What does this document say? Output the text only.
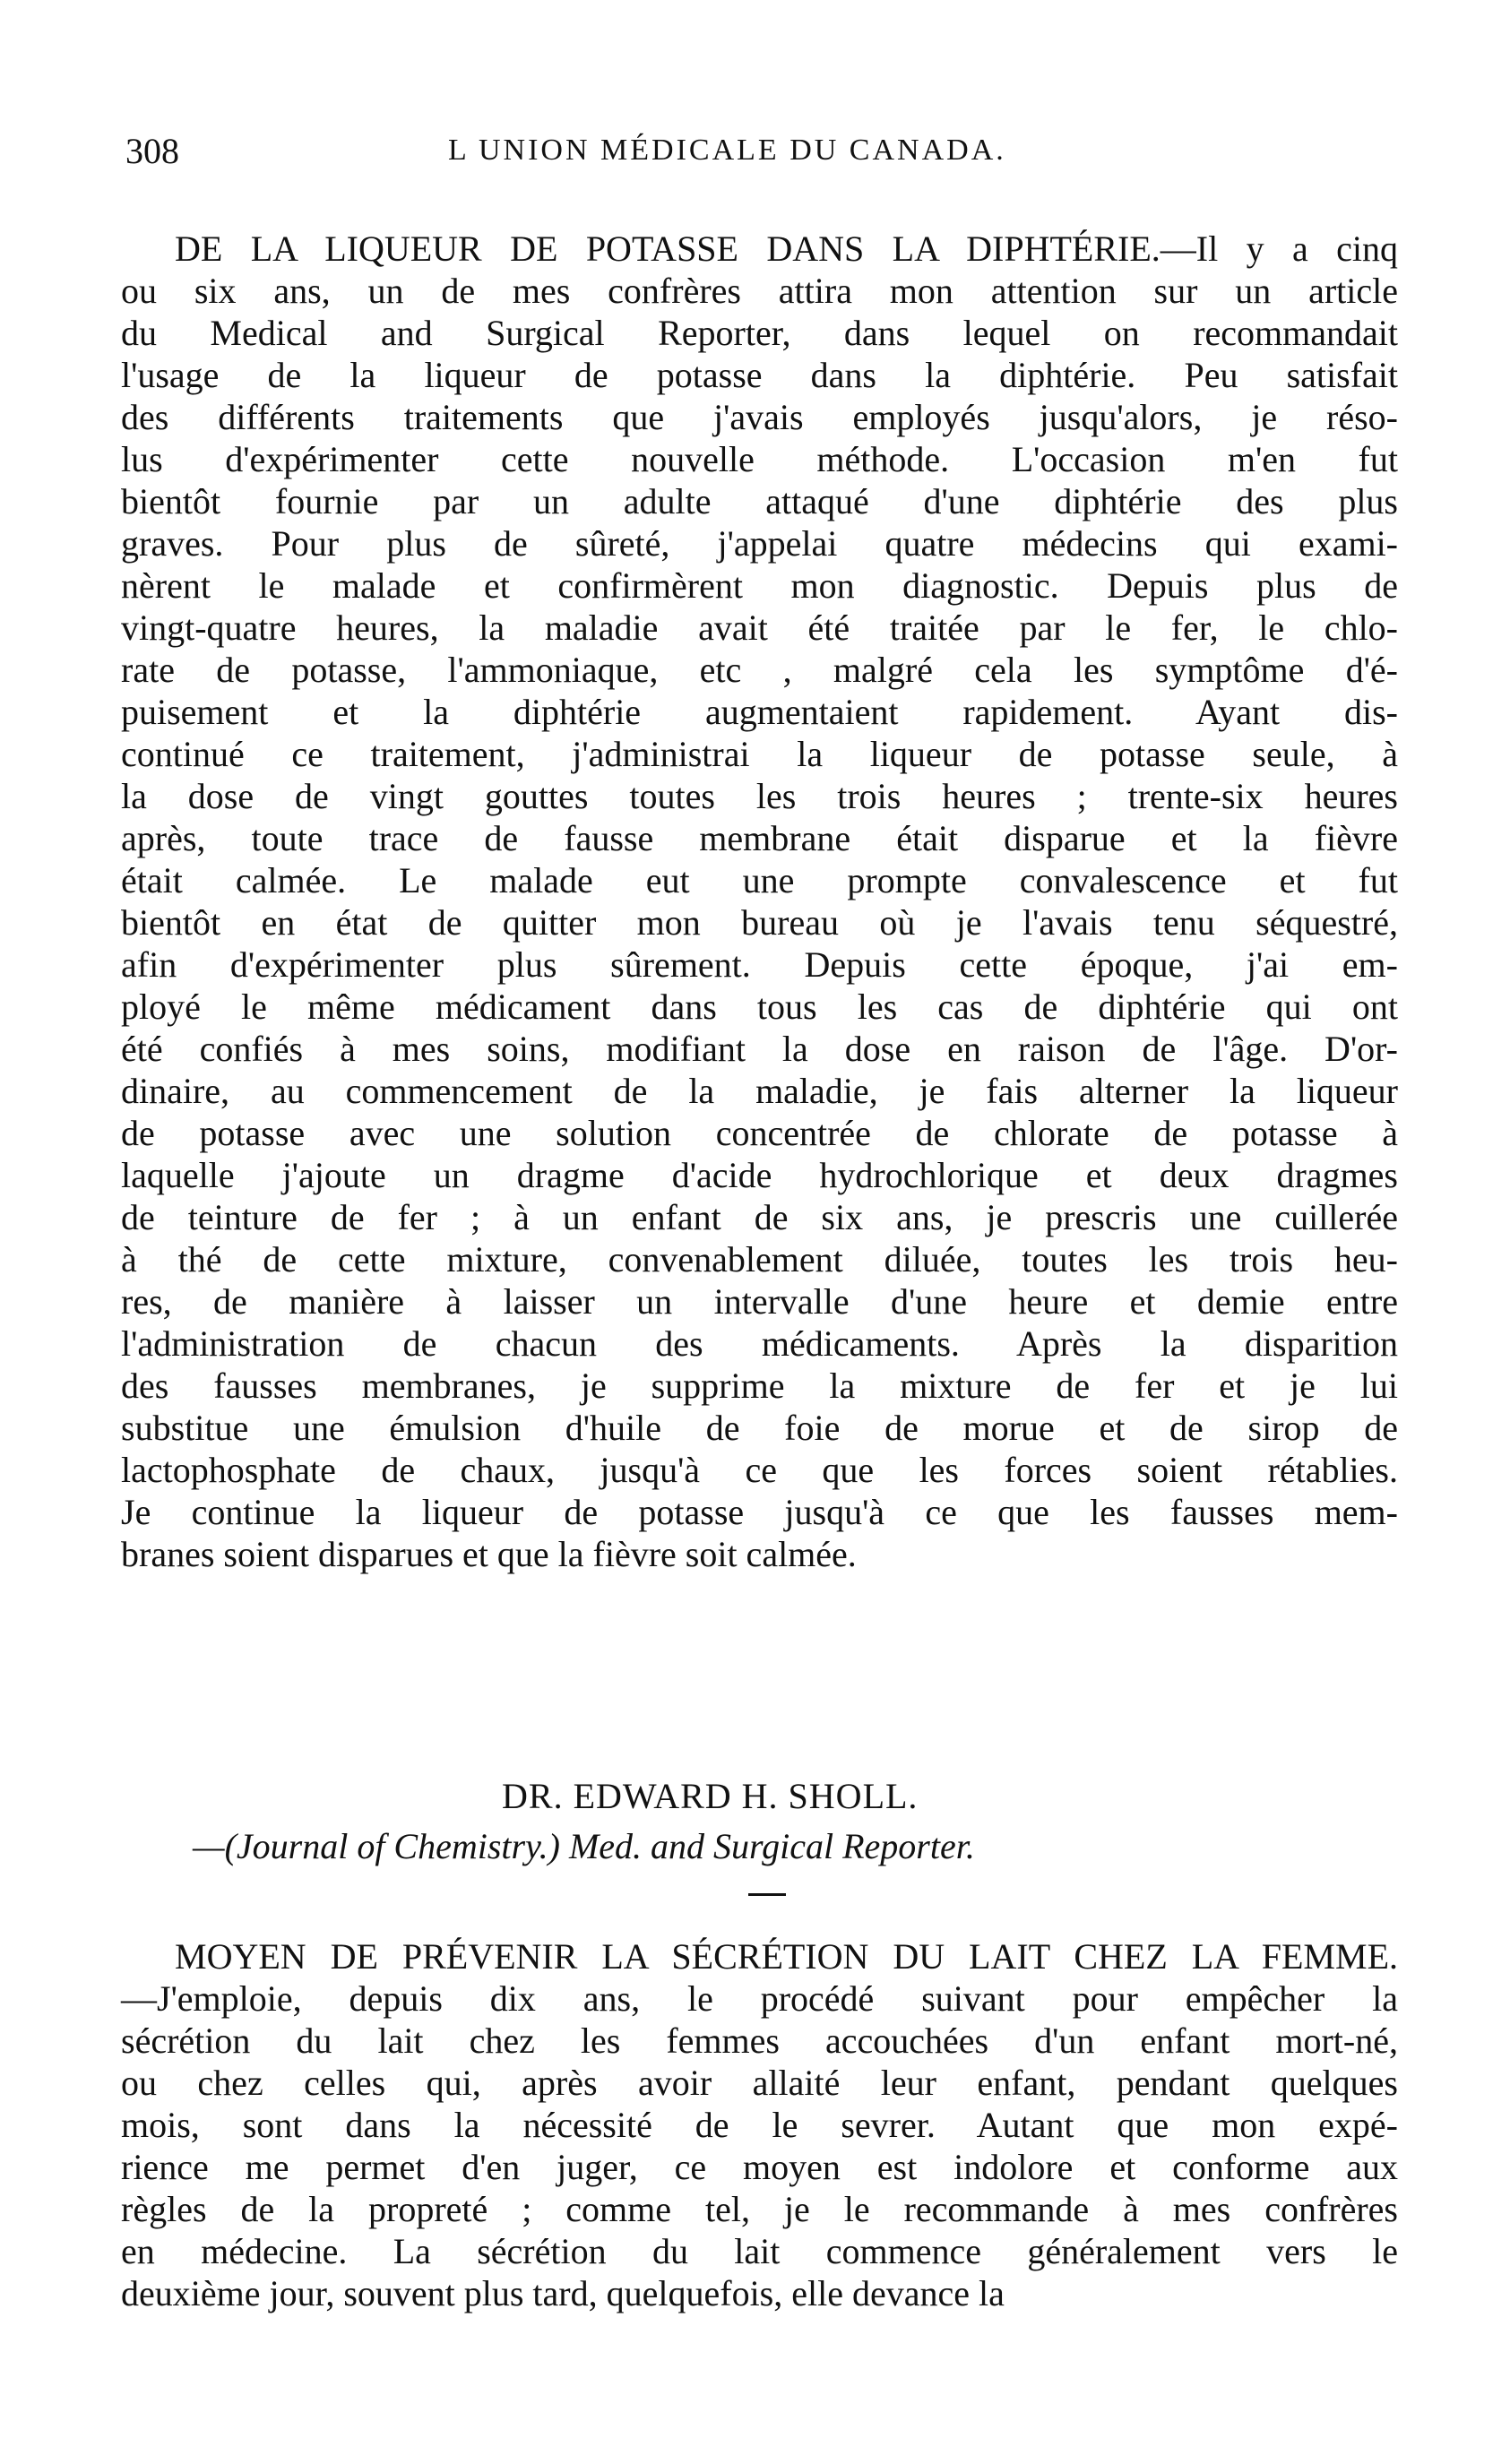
308	L UNION MÉDICALE DU CANADA.
DE LA LIQUEUR DE POTASSE DANS LA DIPHTÉRIE.—Il y a cinq
ou six ans, un de mes confrères attira mon attention sur un article
du Medical and Surgical Reporter, dans lequel on recommandait
l'usage de la liqueur de potasse dans la diphtérie. Peu satisfait
des différents traitements que j'avais employés jusqu'alors, je réso-
lus d'expérimenter cette nouvelle méthode. L'occasion m'en fut
bientôt fournie par un adulte attaqué d'une diphtérie des plus
graves. Pour plus de sûreté, j'appelai quatre médecins qui exami-
nèrent le malade et confirmèrent mon diagnostic. Depuis plus de
vingt-quatre heures, la maladie avait été traitée par le fer, le chlo-
rate de potasse, l'ammoniaque, etc , malgré cela les symptôme d'é-
puisement et la diphtérie augmentaient rapidement. Ayant dis-
continué ce traitement, j'administrai la liqueur de potasse seule, à
la dose de vingt gouttes toutes les trois heures ; trente-six heures
après, toute trace de fausse membrane était disparue et la fièvre
était calmée. Le malade eut une prompte convalescence et fut
bientôt en état de quitter mon bureau où je l'avais tenu séquestré,
afin d'expérimenter plus sûrement. Depuis cette époque, j'ai em-
ployé le même médicament dans tous les cas de diphtérie qui ont
été confiés à mes soins, modifiant la dose en raison de l'âge. D'or-
dinaire, au commencement de la maladie, je fais alterner la liqueur
de potasse avec une solution concentrée de chlorate de potasse à
laquelle j'ajoute un dragme d'acide hydrochlorique et deux dragmes
de teinture de fer ; à un enfant de six ans, je prescris une cuillerée
à thé de cette mixture, convenablement diluée, toutes les trois heu-
res, de manière à laisser un intervalle d'une heure et demie entre
l'administration de chacun des médicaments. Après la disparition
des fausses membranes, je supprime la mixture de fer et je lui
substitue une émulsion d'huile de foie de morue et de sirop de
lactophosphate de chaux, jusqu'à ce que les forces soient rétablies.
Je continue la liqueur de potasse jusqu'à ce que les fausses mem-
branes soient disparues et que la fièvre soit calmée.
DR. EDWARD H. SHOLL.
—(Journal of Chemistry.) Med. and Surgical Reporter.
MOYEN DE PRÉVENIR LA SÉCRÉTION DU LAIT CHEZ LA FEMME.
—J'emploie, depuis dix ans, le procédé suivant pour empêcher la
sécrétion du lait chez les femmes accouchées d'un enfant mort-né,
ou chez celles qui, après avoir allaité leur enfant, pendant quelques
mois, sont dans la nécessité de le sevrer. Autant que mon expé-
rience me permet d'en juger, ce moyen est indolore et conforme aux
règles de la propreté ; comme tel, je le recommande à mes confrères
en médecine. La sécrétion du lait commence généralement vers le
deuxième jour, souvent plus tard, quelquefois, elle devance la
